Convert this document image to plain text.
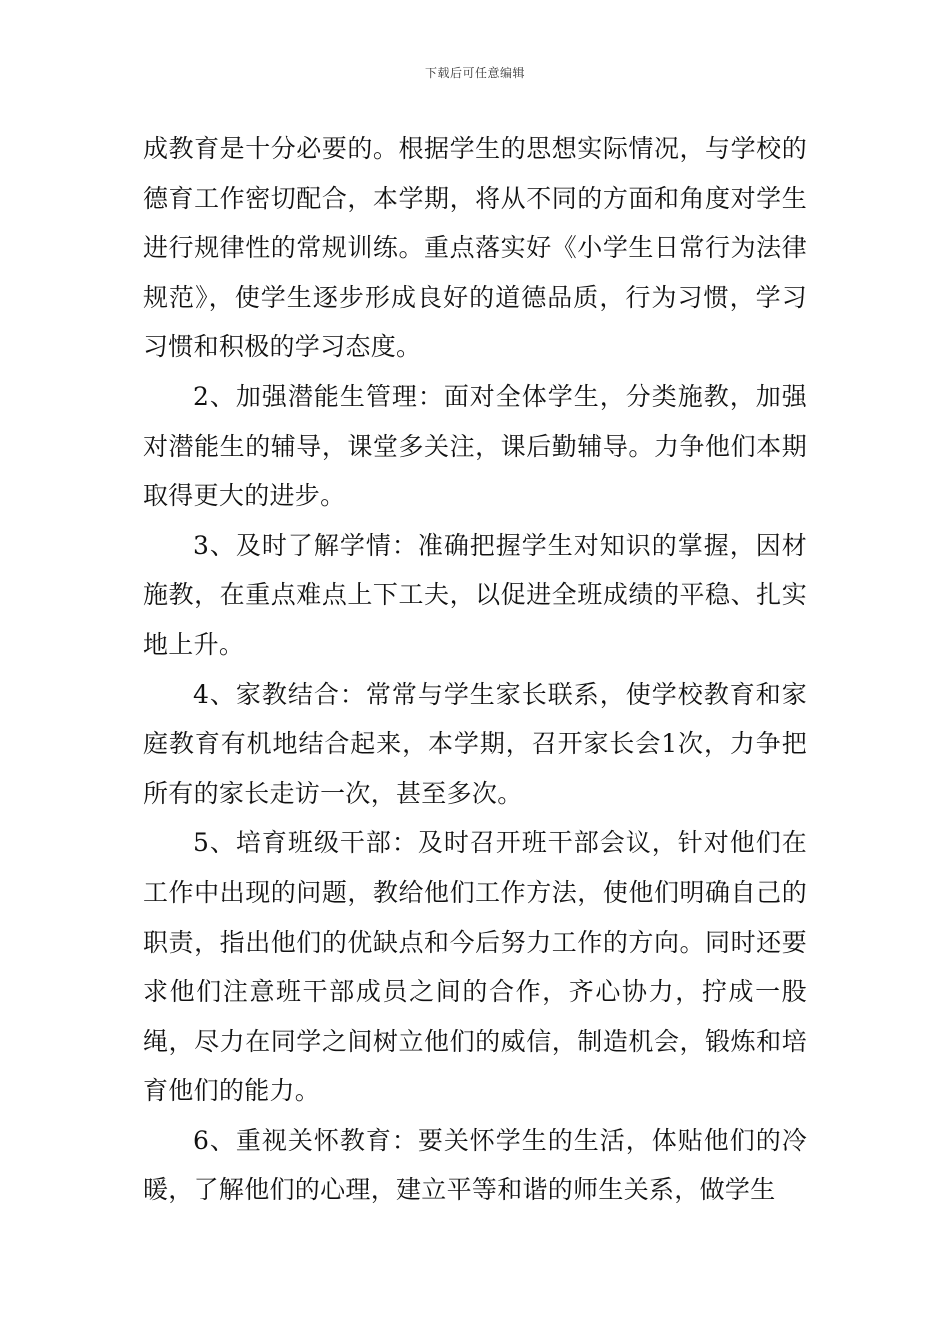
下载后可任意编辑

成教育是十分必要的。根据学生的思想实际情况，与学校的德育工作密切配合，本学期，将从不同的方面和角度对学生进行规律性的常规训练。重点落实好《小学生日常行为法律规范》，使学生逐步形成良好的道德品质，行为习惯，学习习惯和积极的学习态度。

2、加强潜能生管理：面对全体学生，分类施教，加强对潜能生的辅导，课堂多关注，课后勤辅导。力争他们本期取得更大的进步。

3、及时了解学情：准确把握学生对知识的掌握，因材施教，在重点难点上下工夫，以促进全班成绩的平稳、扎实地上升。

4、家教结合：常常与学生家长联系，使学校教育和家庭教育有机地结合起来，本学期，召开家长会1次，力争把所有的家长走访一次，甚至多次。

5、培育班级干部：及时召开班干部会议，针对他们在工作中出现的问题，教给他们工作方法，使他们明确自己的职责，指出他们的优缺点和今后努力工作的方向。同时还要求他们注意班干部成员之间的合作，齐心协力，拧成一股绳，尽力在同学之间树立他们的威信，制造机会，锻炼和培育他们的能力。

6、重视关怀教育：要关怀学生的生活，体贴他们的冷暖，了解他们的心理，建立平等和谐的师生关系，做学生
